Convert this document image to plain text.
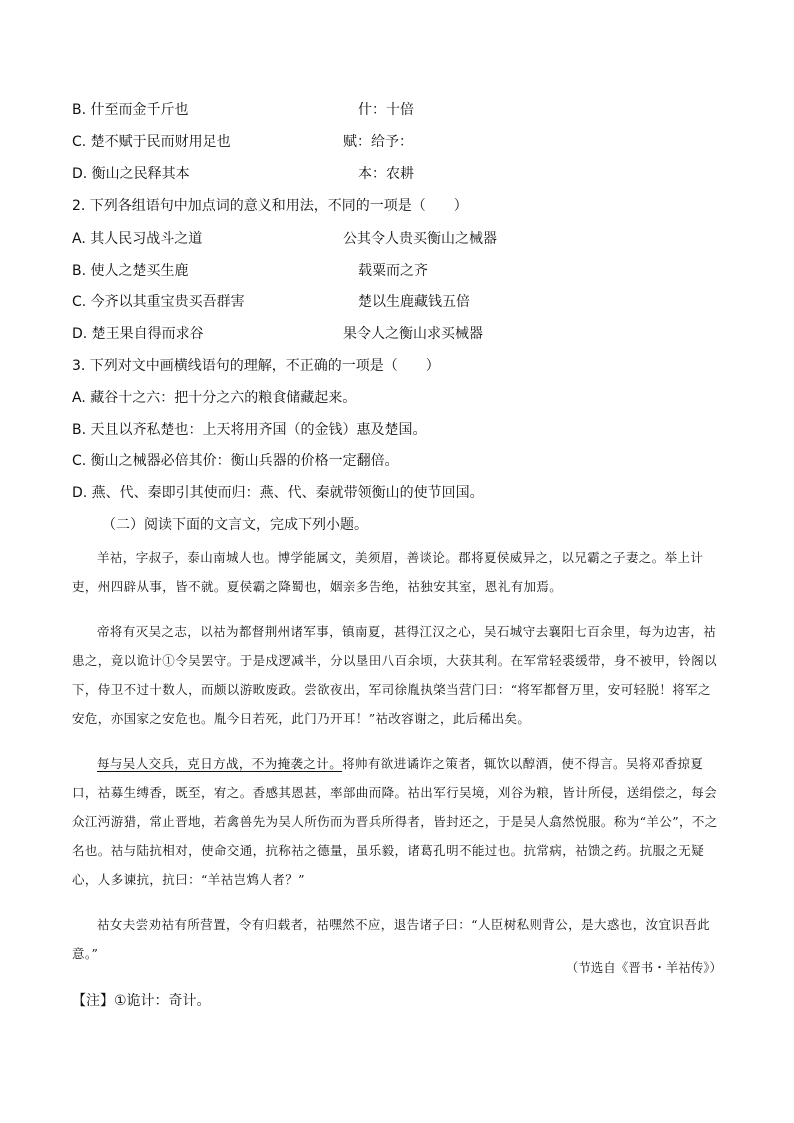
B. 什至而金千斤也	什：十倍
C. 楚不赋于民而财用足也	赋：给予：
D. 衡山之民释其本	本：农耕
2. 下列各组语句中加点词的意义和用法，不同的一项是（　　）
A. 其人民习战斗之道	公其令人贵买衡山之械器
B. 使人之楚买生鹿	载粟而之齐
C. 今齐以其重宝贵买吾群害	楚以生鹿藏钱五倍
D. 楚王果自得而求谷	果令人之衡山求买械器
3. 下列对文中画横线语句的理解，不正确的一项是（　　）
A. 藏谷十之六：把十分之六的粮食储藏起来。
B. 天且以齐私楚也：上天将用齐国（的金钱）惠及楚国。
C. 衡山之械器必倍其价：衡山兵器的价格一定翻倍。
D. 燕、代、秦即引其使而归：燕、代、秦就带领衡山的使节回国。
（二）阅读下面的文言文，完成下列小题。

羊祜，字叔子，泰山南城人也。博学能属文，美须眉，善谈论。郡将夏侯威异之，以兄霸之子妻之。举上计吏，州四辟从事，皆不就。夏侯霸之降蜀也，姻亲多告绝，祜独安其室，恩礼有加焉。

帝将有灭吴之志，以祜为都督荆州诸军事，镇南夏，甚得江汉之心，吴石城守去襄阳七百余里，每为边害，祜患之，竟以诡计①令吴罢守。于是戍逻减半，分以垦田八百余顷，大获其利。在军常轻裘缓带，身不被甲，铃阁以下，侍卫不过十数人，而颇以游畋废政。尝欲夜出，军司徐胤执棨当营门曰：“将军都督万里，安可轻脱！将军之安危，亦国家之安危也。胤今日若死，此门乃开耳！”祜改容谢之，此后稀出矣。

每与吴人交兵，克日方战，不为掩袭之计。将帅有欲进谲诈之策者，辄饮以醇酒，使不得言。吴将邓香掠夏口，祜募生缚香，既至，宥之。香感其恩甚，率部曲而降。祜出军行吴境，刈谷为粮，皆计所侵，送绢偿之，每会众江沔游猎，常止晋地，若禽兽先为吴人所伤而为晋兵所得者，皆封还之，于是吴人翕然悦服。称为“羊公”，不之名也。祜与陆抗相对，使命交通，抗称祜之德量，虽乐毅，诸葛孔明不能过也。抗常病，祜馈之药。抗服之无疑心，人多谏抗，抗曰：“羊祜岂鸩人者？”

祜女夫尝劝祜有所营置，令有归载者，祜嘿然不应，退告诸子曰：“人臣树私则背公，是大惑也，汝宜识吾此意。”

（节选自《晋书・羊祜传》）
【注】①诡计：奇计。
